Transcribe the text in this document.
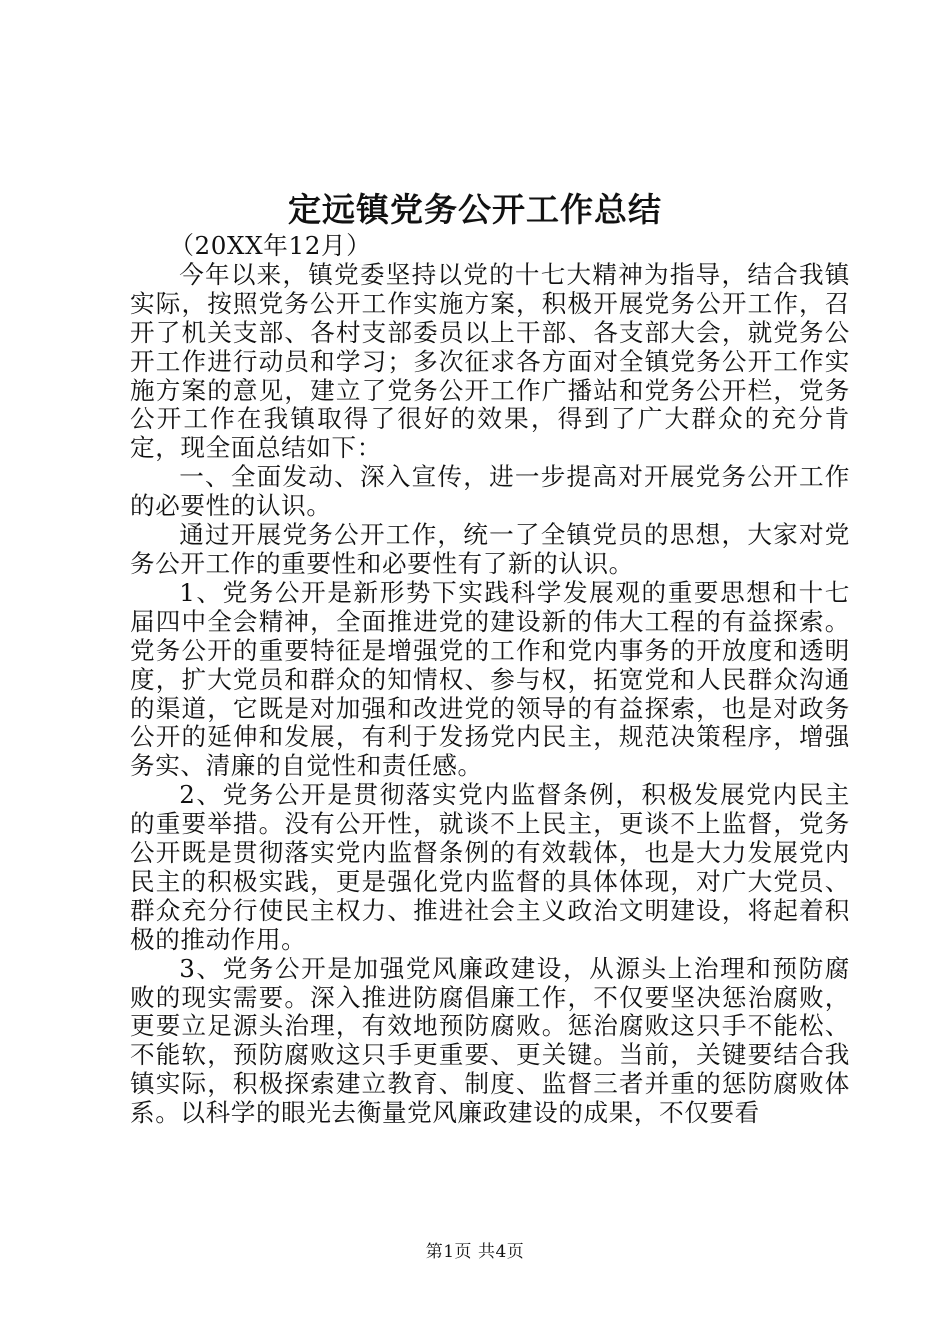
定远镇党务公开工作总结

（20XX年12月）

今年以来，镇党委坚持以党的十七大精神为指导，结合我镇实际，按照党务公开工作实施方案，积极开展党务公开工作，召开了机关支部、各村支部委员以上干部、各支部大会，就党务公开工作进行动员和学习；多次征求各方面对全镇党务公开工作实施方案的意见，建立了党务公开工作广播站和党务公开栏，党务公开工作在我镇取得了很好的效果，得到了广大群众的充分肯定，现全面总结如下：

一、全面发动、深入宣传，进一步提高对开展党务公开工作的必要性的认识。

通过开展党务公开工作，统一了全镇党员的思想，大家对党务公开工作的重要性和必要性有了新的认识。

1、党务公开是新形势下实践科学发展观的重要思想和十七届四中全会精神，全面推进党的建设新的伟大工程的有益探索。党务公开的重要特征是增强党的工作和党内事务的开放度和透明度，扩大党员和群众的知情权、参与权，拓宽党和人民群众沟通的渠道，它既是对加强和改进党的领导的有益探索，也是对政务公开的延伸和发展，有利于发扬党内民主，规范决策程序，增强务实、清廉的自觉性和责任感。

2、党务公开是贯彻落实党内监督条例，积极发展党内民主的重要举措。没有公开性，就谈不上民主，更谈不上监督，党务公开既是贯彻落实党内监督条例的有效载体，也是大力发展党内民主的积极实践，更是强化党内监督的具体体现，对广大党员、群众充分行使民主权力、推进社会主义政治文明建设，将起着积极的推动作用。

3、党务公开是加强党风廉政建设，从源头上治理和预防腐败的现实需要。深入推进防腐倡廉工作，不仅要坚决惩治腐败，更要立足源头治理，有效地预防腐败。惩治腐败这只手不能松、不能软，预防腐败这只手更重要、更关键。当前，关键要结合我镇实际，积极探索建立教育、制度、监督三者并重的惩防腐败体系。以科学的眼光去衡量党风廉政建设的成果，不仅要看

第1页 共4页
